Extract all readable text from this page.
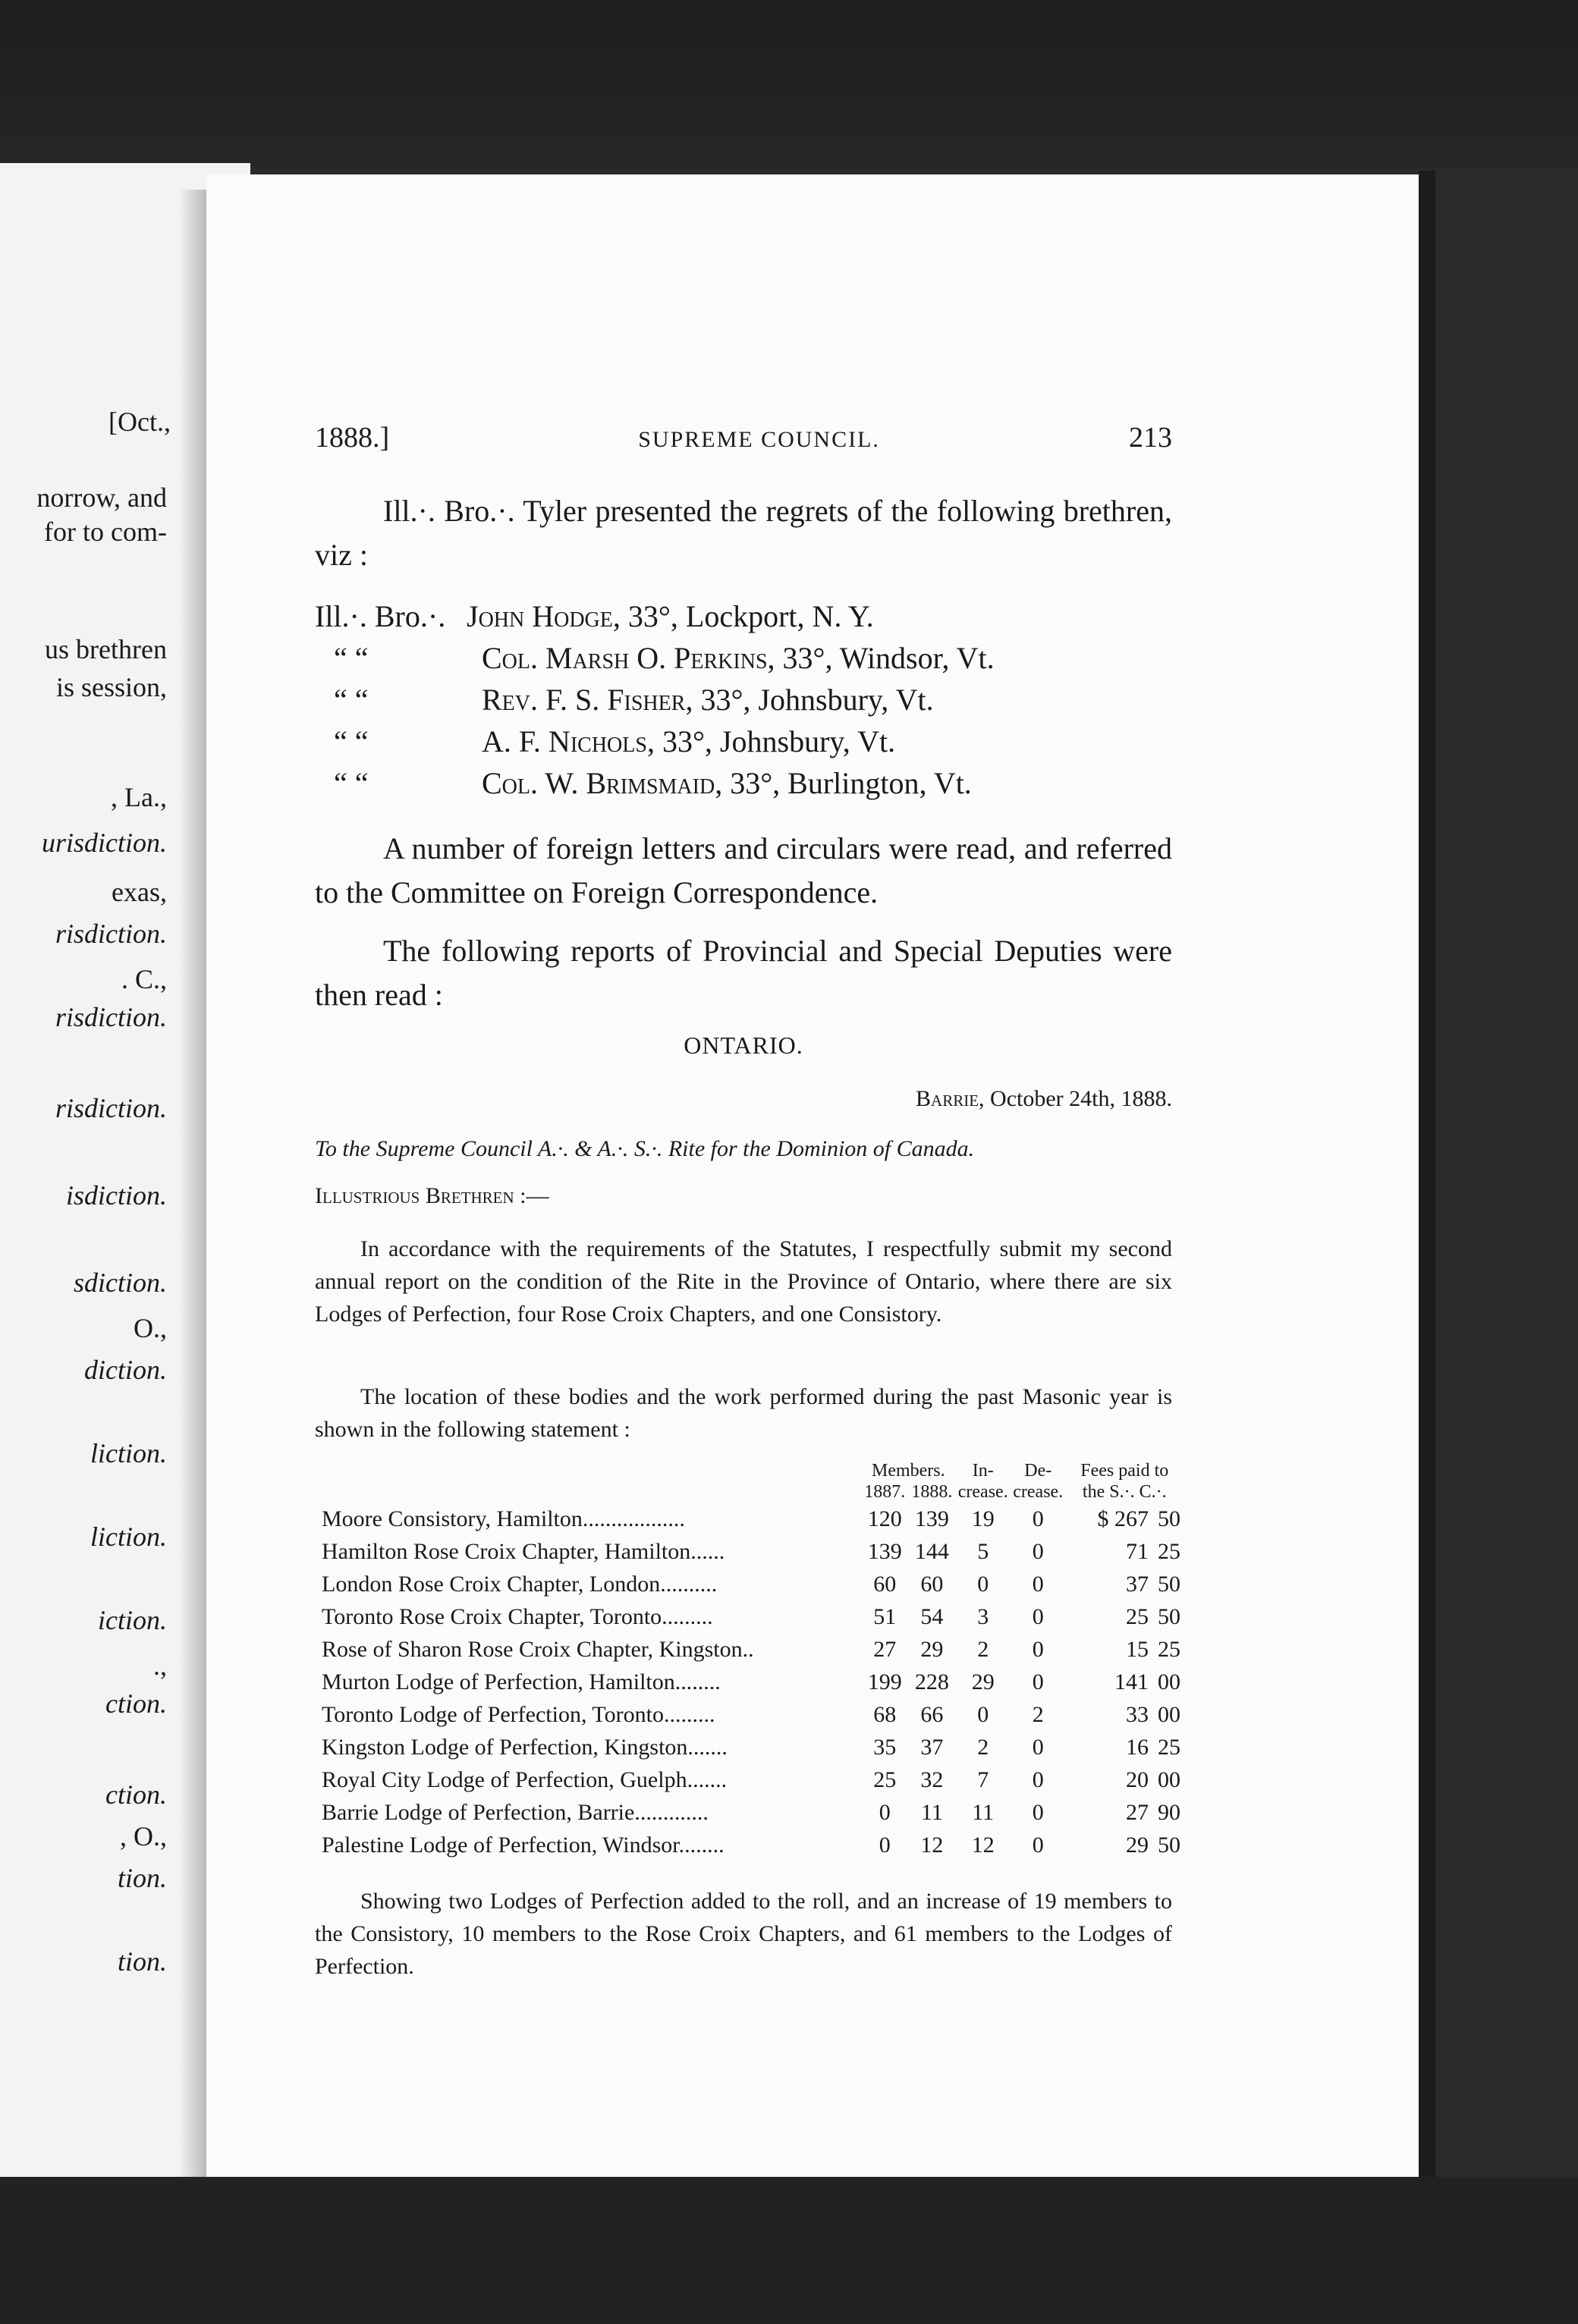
[Oct.,
norrow, and
for to com-
us brethren
is session,
, La.,
urisdiction.
exas,
risdiction.
. C.,
risdiction.
risdiction.
isdiction.
sdiction.
O.,
diction.
liction.
liction.
iction.
.,
ction.
ction.
, O.,
tion.
tion.
1888.]	SUPREME COUNCIL.	213

Ill.·. Bro.·. Tyler presented the regrets of the following brethren, viz :

Ill.·. Bro.·. John Hodge , 33°, Lockport, N. Y.
“ “	Col. Marsh O. Perkins , 33°, Windsor, Vt.
“ “	Rev. F. S. Fisher , 33°, Johnsbury, Vt.
“ “	A. F. Nichols , 33°, Johnsbury, Vt.
“ “	Col. W. Brimsmaid , 33°, Burlington, Vt.

A number of foreign letters and circulars were read, and referred to the Committee on Foreign Correspondence.

The following reports of Provincial and Special Deputies were then read :

ONTARIO.
Barrie, October 24th, 1888.
To the Supreme Council A.·. & A.·. S.·. Rite for the Dominion of Canada.
Illustrious Brethren :—

In accordance with the requirements of the Statutes, I respectfully submit my second annual report on the condition of the Rite in the Province of Ontario, where there are six Lodges of Perfection, four Rose Croix Chapters, and one Consistory.

The location of these bodies and the work performed during the past Masonic year is shown in the following statement :

	Members.		In-	De-	Fees paid to
	1887.	1888.	crease.	crease.	the S.·. C.·.
Moore Consistory, Hamilton..................	120	139	19	0	$ 267 50
Hamilton Rose Croix Chapter, Hamilton......	139	144	5	0	71 25
London Rose Croix Chapter, London..........	60	60	0	0	37 50
Toronto Rose Croix Chapter, Toronto.........	51	54	3	0	25 50
Rose of Sharon Rose Croix Chapter, Kingston..	27	29	2	0	15 25
Murton Lodge of Perfection, Hamilton........	199	228	29	0	141 00
Toronto Lodge of Perfection, Toronto.........	68	66	0	2	33 00
Kingston Lodge of Perfection, Kingston.......	35	37	2	0	16 25
Royal City Lodge of Perfection, Guelph.......	25	32	7	0	20 00
Barrie Lodge of Perfection, Barrie.............	0	11	11	0	27 90
Palestine Lodge of Perfection, Windsor........	0	12	12	0	29 50

Showing two Lodges of Perfection added to the roll, and an increase of 19 members to the Consistory, 10 members to the Rose Croix Chapters, and 61 members to the Lodges of Perfection.
